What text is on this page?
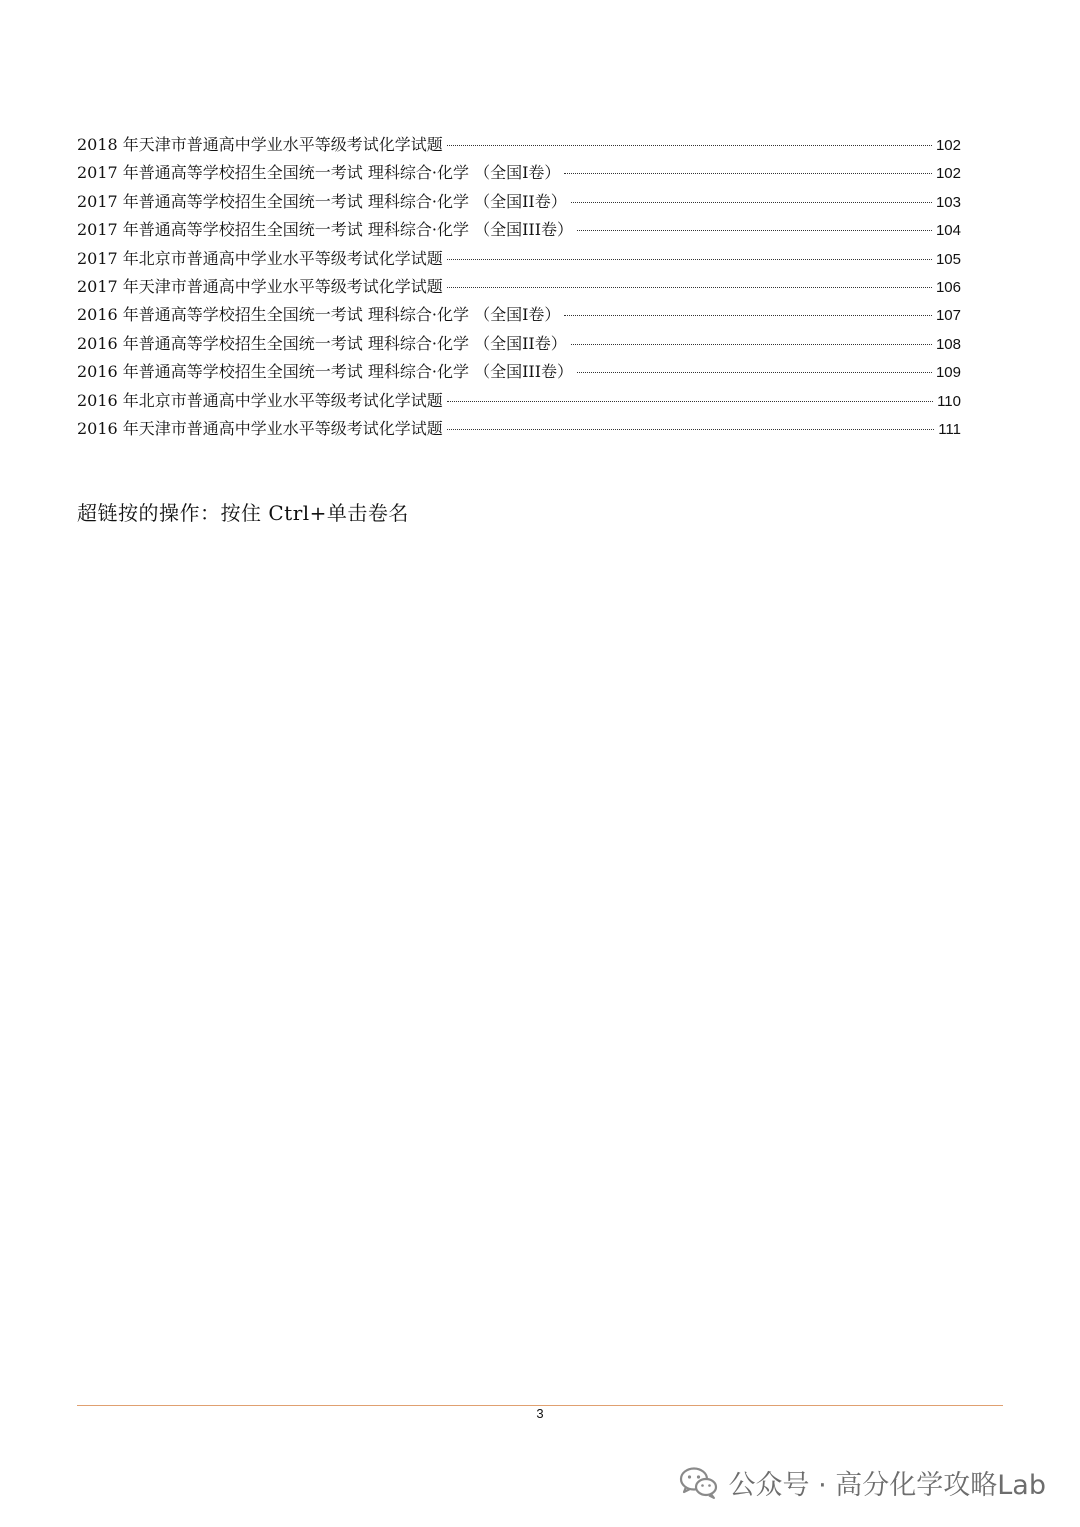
2018 年天津市普通高中学业水平等级考试化学试题	102
2017 年普通高等学校招生全国统一考试 理科综合·化学 （全国I卷）	102
2017 年普通高等学校招生全国统一考试 理科综合·化学 （全国II卷）	103
2017 年普通高等学校招生全国统一考试 理科综合·化学 （全国III卷）	104
2017 年北京市普通高中学业水平等级考试化学试题	105
2017 年天津市普通高中学业水平等级考试化学试题	106
2016 年普通高等学校招生全国统一考试 理科综合·化学 （全国I卷）	107
2016 年普通高等学校招生全国统一考试 理科综合·化学 （全国II卷）	108
2016 年普通高等学校招生全国统一考试 理科综合·化学 （全国III卷）	109
2016 年北京市普通高中学业水平等级考试化学试题	110
2016 年天津市普通高中学业水平等级考试化学试题	111
超链按的操作：按住 Ctrl+单击卷名
3
公众号 · 高分化学攻略Lab
